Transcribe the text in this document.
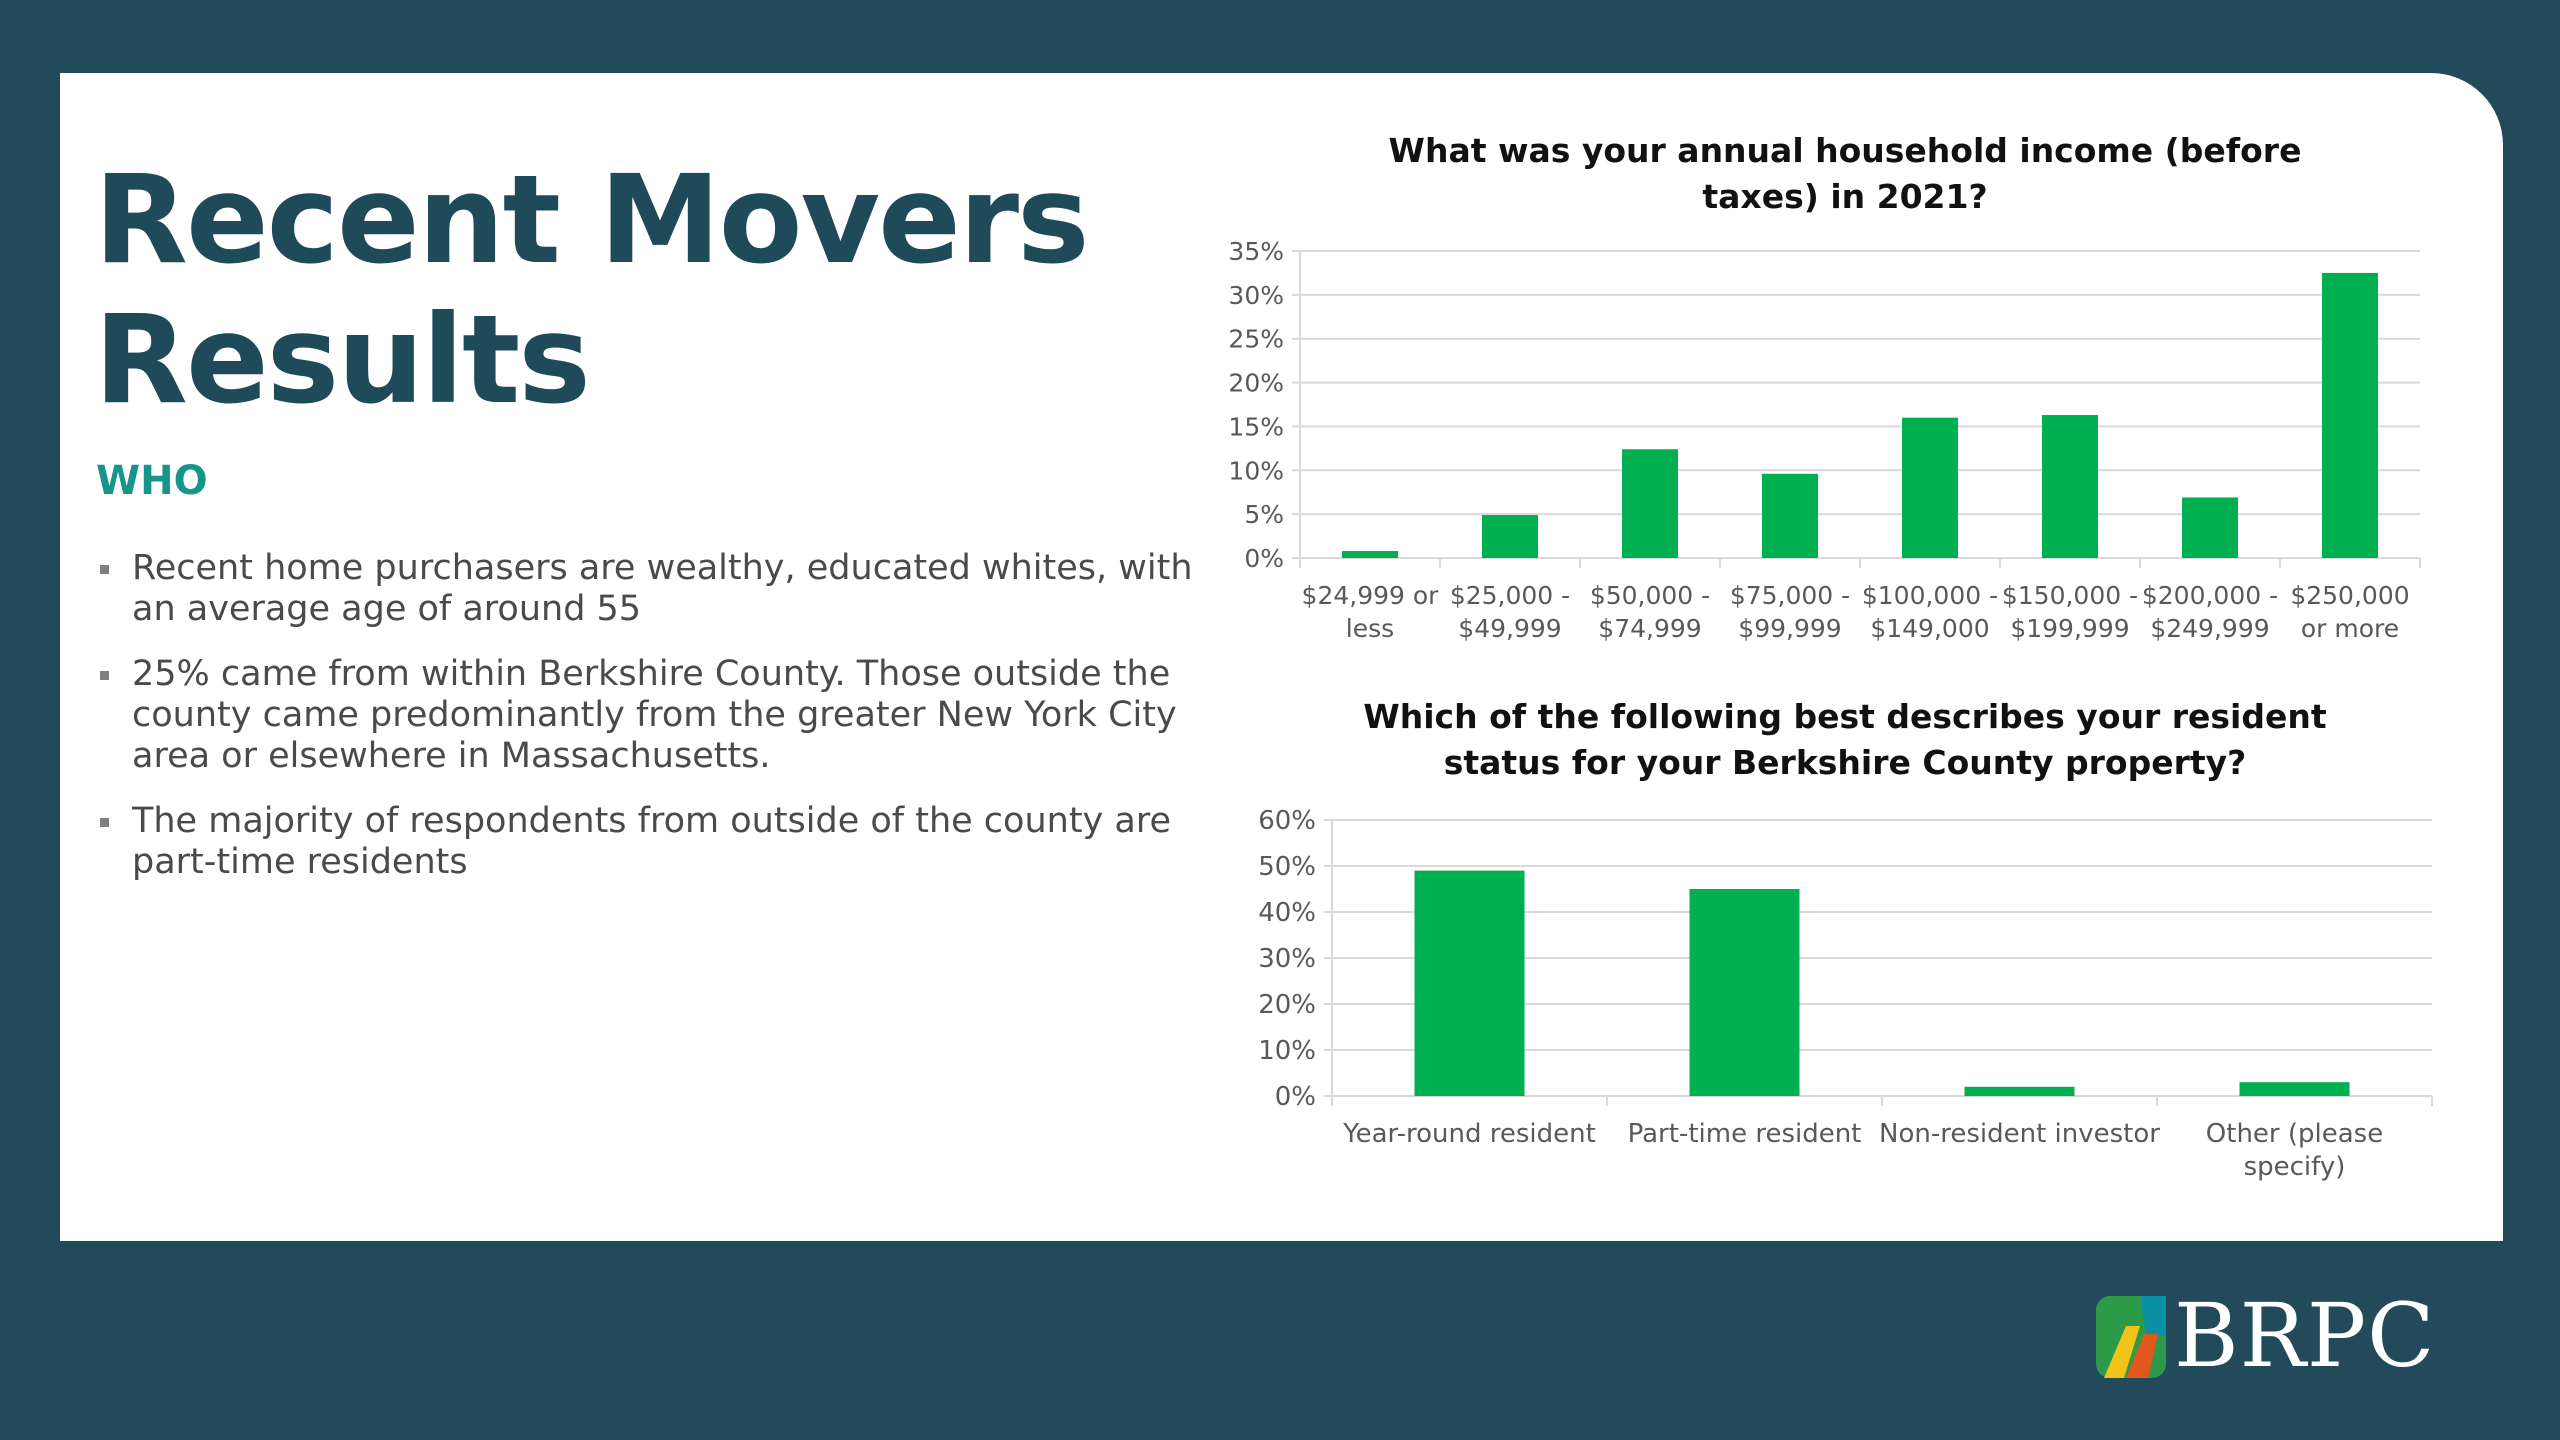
Recent Movers
Results
WHO
Recent home purchasers are wealthy, educated whites, with an average age of around 55
25% came from within Berkshire County. Those outside the county came predominantly from the greater New York City area or elsewhere in Massachusetts.
The majority of respondents from outside of the county are part-time residents
What was your annual household income (before taxes) in 2021?
0%
5%
10%
15%
20%
25%
30%
35%
$24,999 or less
$25,000 -$49,999
$50,000 -$74,999
$75,000 -$99,999
$100,000 -$149,000
$150,000 -$199,999
$200,000 -$249,999
$250,000 or more
Which of the following best describes your resident status for your Berkshire County property?
0%
10%
20%
30%
40%
50%
60%
Year-round resident Part-time resident Non-resident investor Other (please specify)
BRPC
